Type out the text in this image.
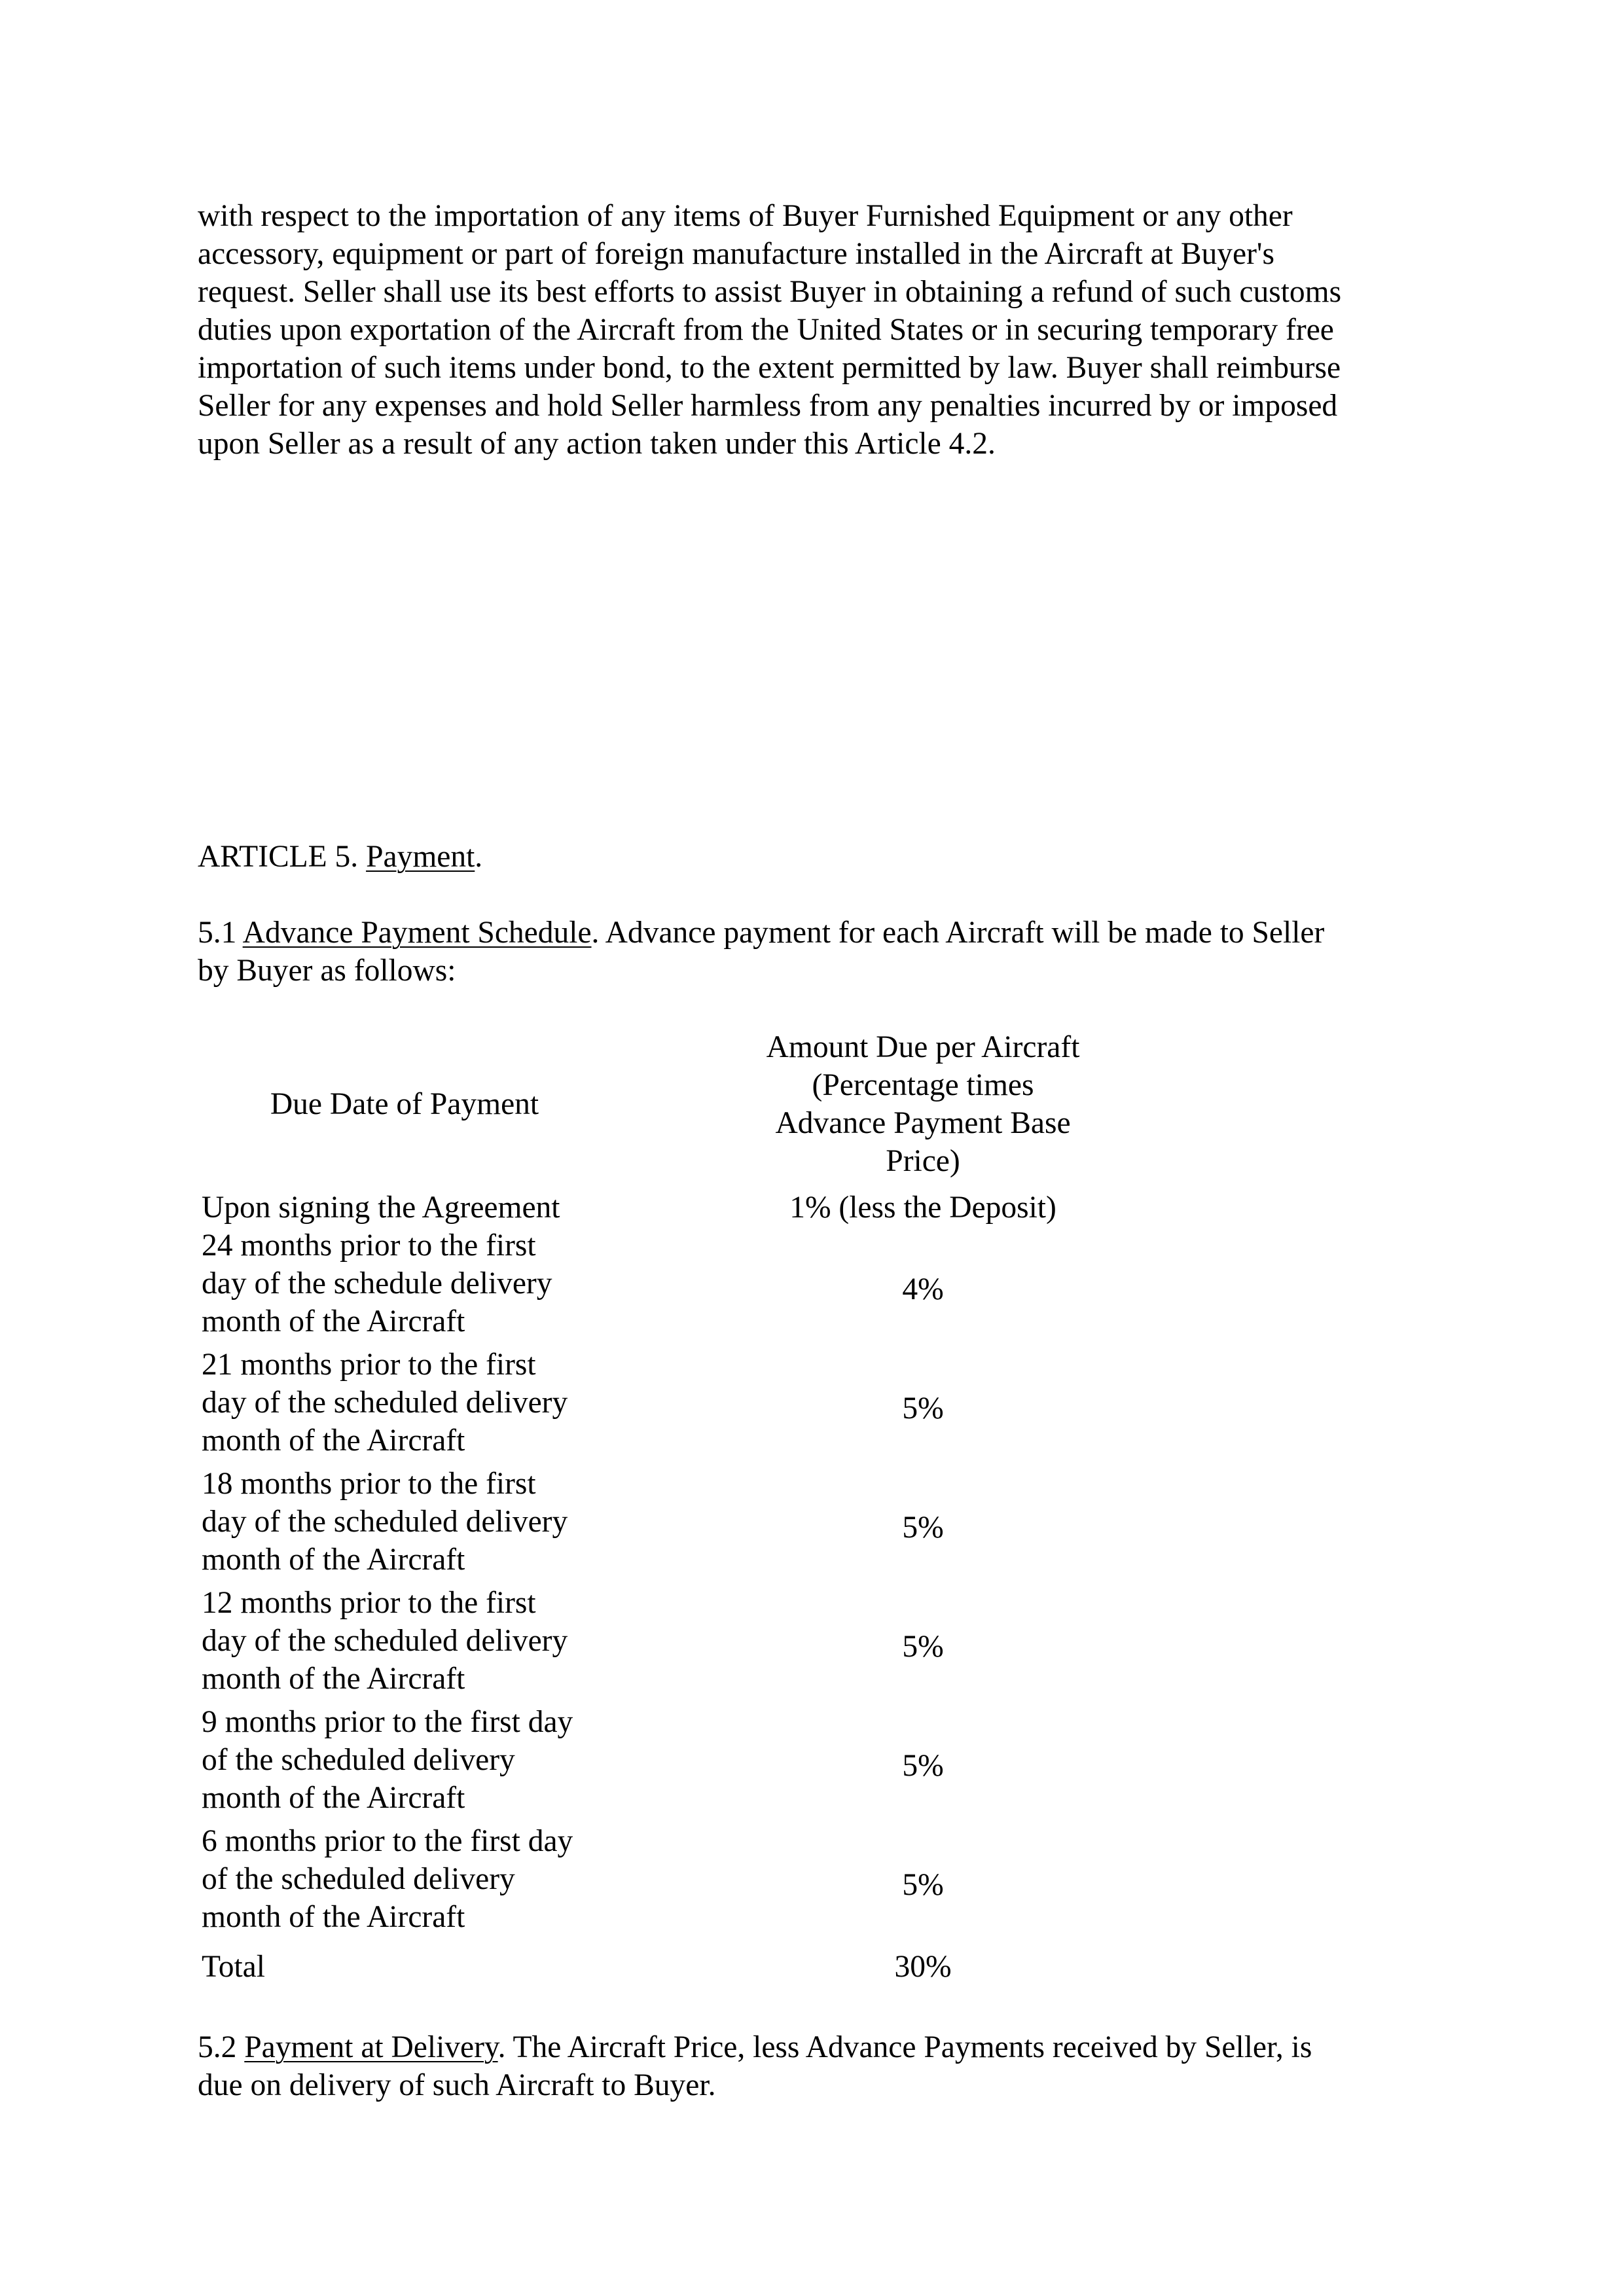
with respect to the importation of any items of Buyer Furnished Equipment or any other
accessory, equipment or part of foreign manufacture installed in the Aircraft at Buyer's
request. Seller shall use its best efforts to assist Buyer in obtaining a refund of such customs
duties upon exportation of the Aircraft from the United States or in securing temporary free
importation of such items under bond, to the extent permitted by law. Buyer shall reimburse
Seller for any expenses and hold Seller harmless from any penalties incurred by or imposed
upon Seller as a result of any action taken under this Article 4.2.
ARTICLE 5. Payment.
5.1 Advance Payment Schedule. Advance payment for each Aircraft will be made to Seller
by Buyer as follows:
Due Date of Payment
Amount Due per Aircraft
(Percentage times
Advance Payment Base
Price)
Upon signing the Agreement	1% (less the Deposit)
24 months prior to the first
day of the schedule delivery
month of the Aircraft
4%
21 months prior to the first
day of the scheduled delivery
month of the Aircraft
5%
18 months prior to the first
day of the scheduled delivery
month of the Aircraft
5%
12 months prior to the first
day of the scheduled delivery
month of the Aircraft
5%
9 months prior to the first day
of the scheduled delivery
month of the Aircraft
5%
6 months prior to the first day
of the scheduled delivery
month of the Aircraft
5%
Total	30%
5.2 Payment at Delivery. The Aircraft Price, less Advance Payments received by Seller, is
due on delivery of such Aircraft to Buyer.
